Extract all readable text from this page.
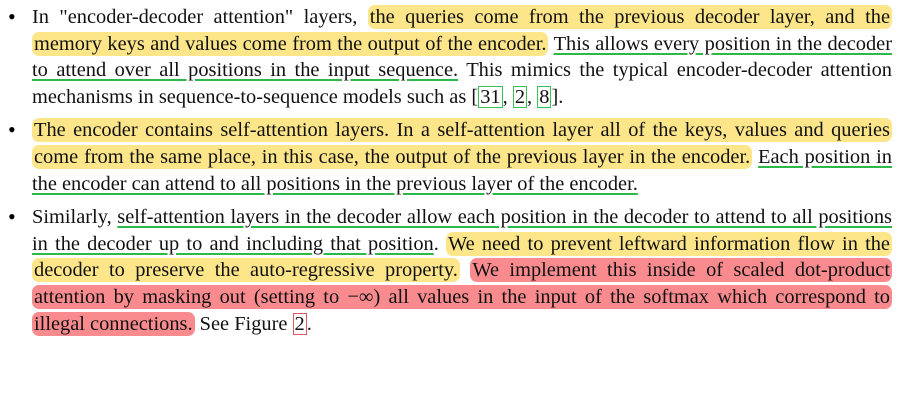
• In "encoder-decoder attention" layers, the queries come from the previous decoder layer, and the memory keys and values come from the output of the encoder. This allows every position in the decoder to attend over all positions in the input sequence. This mimics the typical encoder-decoder attention mechanisms in sequence-to-sequence models such as [31, 2, 8].
• The encoder contains self-attention layers. In a self-attention layer all of the keys, values and queries come from the same place, in this case, the output of the previous layer in the encoder. Each position in the encoder can attend to all positions in the previous layer of the encoder.
• Similarly, self-attention layers in the decoder allow each position in the decoder to attend to all positions in the decoder up to and including that position. We need to prevent leftward information flow in the decoder to preserve the auto-regressive property. We implement this inside of scaled dot-product attention by masking out (setting to −∞) all values in the input of the softmax which correspond to illegal connections. See Figure 2.
